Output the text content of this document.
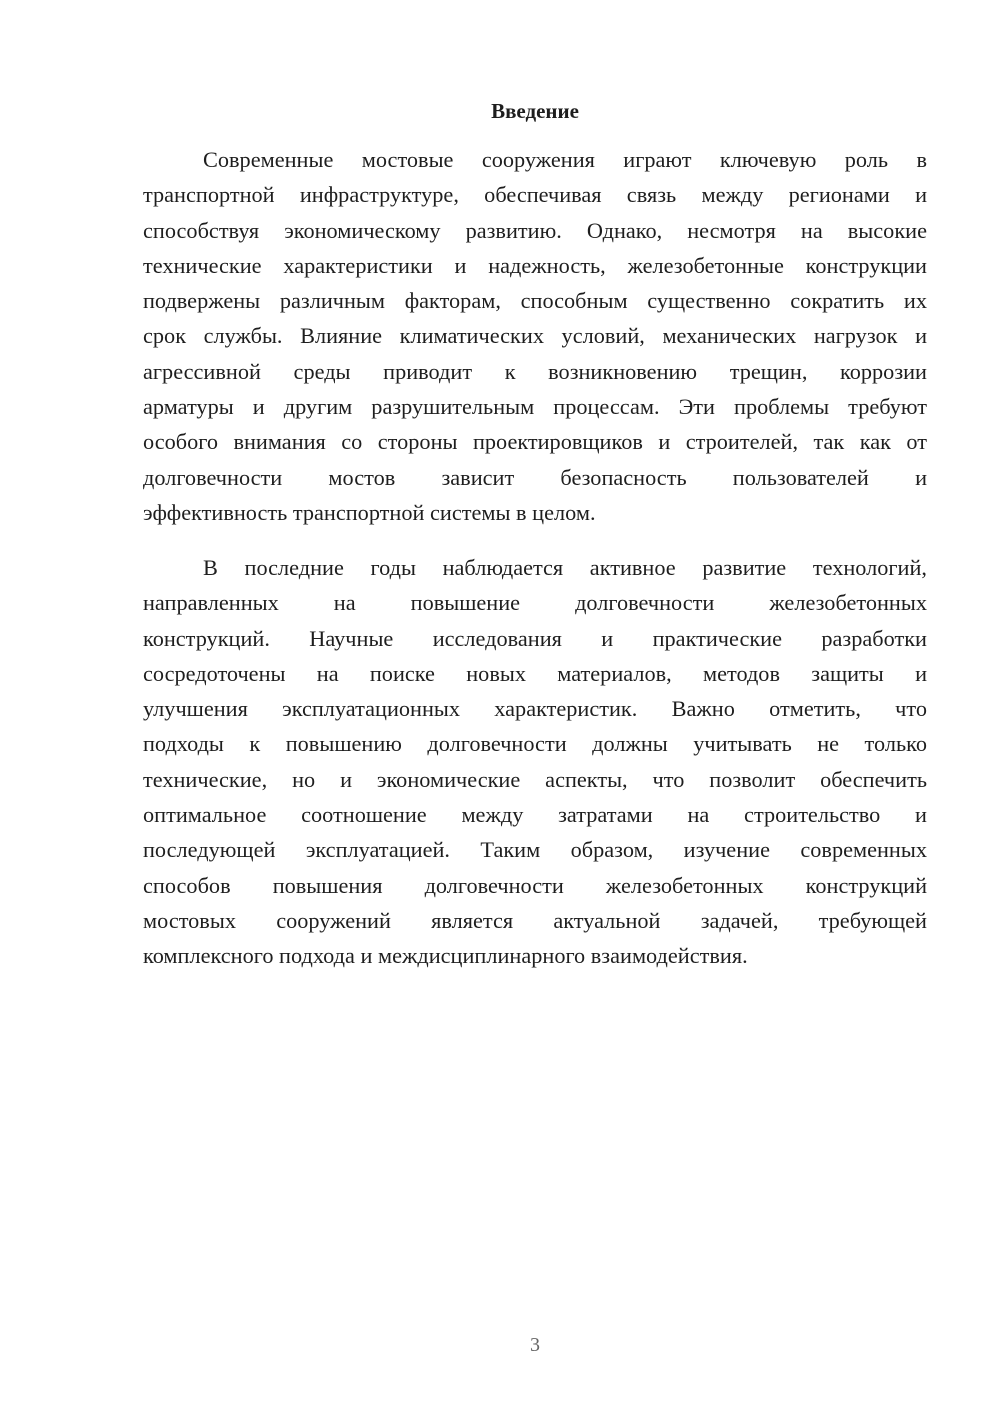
Введение
Современные мостовые сооружения играют ключевую роль в
транспортной инфраструктуре, обеспечивая связь между регионами и
способствуя экономическому развитию. Однако, несмотря на высокие
технические характеристики и надежность, железобетонные конструкции
подвержены различным факторам, способным существенно сократить их
срок службы. Влияние климатических условий, механических нагрузок и
агрессивной среды приводит к возникновению трещин, коррозии
арматуры и другим разрушительным процессам. Эти проблемы требуют
особого внимания со стороны проектировщиков и строителей, так как от
долговечности мостов зависит безопасность пользователей и
эффективность транспортной системы в целом.
В последние годы наблюдается активное развитие технологий,
направленных на повышение долговечности железобетонных
конструкций. Научные исследования и практические разработки
сосредоточены на поиске новых материалов, методов защиты и
улучшения эксплуатационных характеристик. Важно отметить, что
подходы к повышению долговечности должны учитывать не только
технические, но и экономические аспекты, что позволит обеспечить
оптимальное соотношение между затратами на строительство и
последующей эксплуатацией. Таким образом, изучение современных
способов повышения долговечности железобетонных конструкций
мостовых сооружений является актуальной задачей, требующей
комплексного подхода и междисциплинарного взаимодействия.
3
